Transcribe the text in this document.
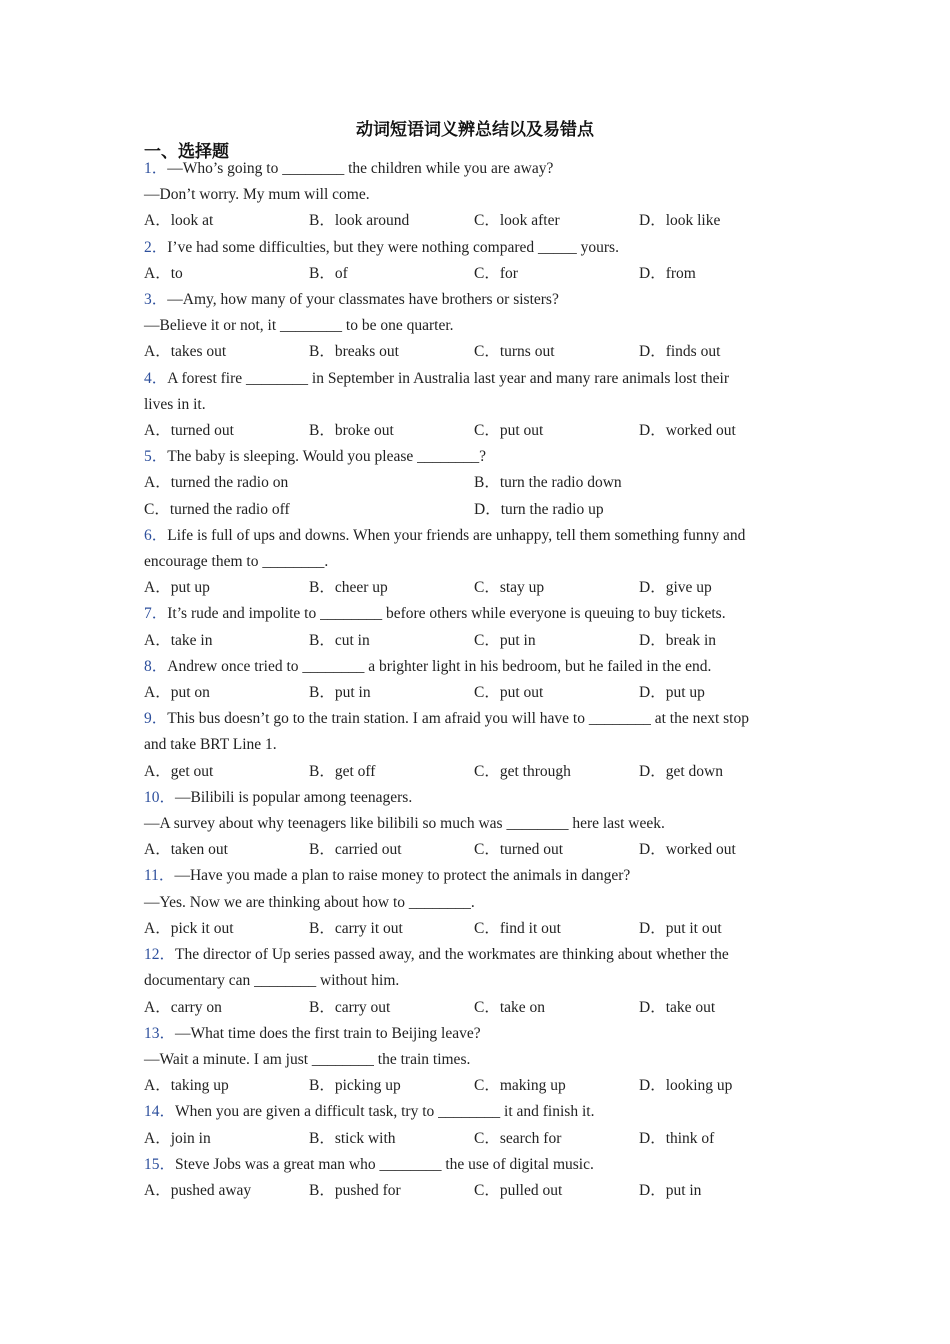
动词短语词义辨总结以及易错点
一、选择题
1．—Who’s going to ________ the children while you are away?
—Don’t worry. My mum will come.
A．look at	B．look around	C．look after	D．look like
2．I’ve had some difficulties, but they were nothing compared _____ yours.
A．to	B．of	C．for	D．from
3．—Amy, how many of your classmates have brothers or sisters?
—Believe it or not, it ________ to be one quarter.
A．takes out	B．breaks out	C．turns out	D．finds out
4．A forest fire ________ in September in Australia last year and many rare animals lost their
lives in it.
A．turned out	B．broke out	C．put out	D．worked out
5．The baby is sleeping. Would you please ________?
A．turned the radio on	B．turn the radio down
C．turned the radio off	D．turn the radio up
6．Life is full of ups and downs. When your friends are unhappy, tell them something funny and
encourage them to ________.
A．put up	B．cheer up	C．stay up	D．give up
7．It’s rude and impolite to ________ before others while everyone is queuing to buy tickets.
A．take in	B．cut in	C．put in	D．break in
8．Andrew once tried to ________ a brighter light in his bedroom, but he failed in the end.
A．put on	B．put in	C．put out	D．put up
9．This bus doesn’t go to the train station. I am afraid you will have to ________ at the next stop
and take BRT Line 1.
A．get out	B．get off	C．get through	D．get down
10．—Bilibili is popular among teenagers.
—A survey about why teenagers like bilibili so much was ________ here last week.
A．taken out	B．carried out	C．turned out	D．worked out
11．—Have you made a plan to raise money to protect the animals in danger?
—Yes. Now we are thinking about how to ________.
A．pick it out	B．carry it out	C．find it out	D．put it out
12．The director of Up series passed away, and the workmates are thinking about whether the
documentary can ________ without him.
A．carry on	B．carry out	C．take on	D．take out
13．—What time does the first train to Beijing leave?
—Wait a minute. I am just ________ the train times.
A．taking up	B．picking up	C．making up	D．looking up
14．When you are given a difficult task, try to ________ it and finish it.
A．join in	B．stick with	C．search for	D．think of
15．Steve Jobs was a great man who ________ the use of digital music.
A．pushed away	B．pushed for	C．pulled out	D．put in
